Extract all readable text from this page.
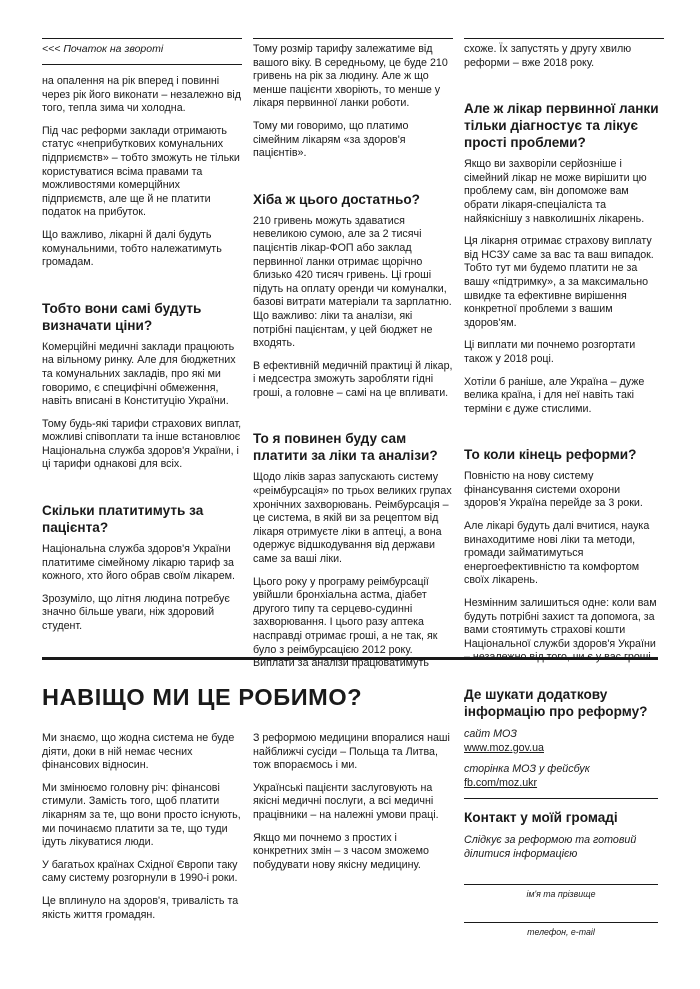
<<< Початок на звороті

на опалення на рік вперед і повинні через рік його виконати – незалежно від того, тепла зима чи холодна.

Під час реформи заклади отримають статус «неприбуткових комунальних підприємств» – тобто зможуть не тільки користуватися всіма правами та можливостями комерційних підприємств, але ще й не платити податок на прибуток.

Що важливо, лікарні й далі будуть комунальними, тобто належатимуть громадам.

Тобто вони самі будуть визначати ціни?

Комерційні медичні заклади працюють на вільному ринку. Але для бюджетних та комунальних закладів, про які ми говоримо, є специфічні обмеження, навіть вписані в Конституцію України.

Тому будь-які тарифи страхових виплат, можливі співоплати та інше встановлює Національна служба здоров'я України, і ці тарифи однакові для всіх.

Скільки платитимуть за пацієнта?

Національна служба здоров'я України платитиме сімейному лікарю тариф за кожного, хто його обрав своїм лікарем.

Зрозуміло, що літня людина потребує значно більше уваги, ніж здоровий студент.

Тому розмір тарифу залежатиме від вашого віку. В середньому, це буде 210 гривень на рік за людину. Але ж що менше пацієнти хворіють, то менше у лікаря первинної ланки роботи.

Тому ми говоримо, що платимо сімейним лікарям «за здоров'я пацієнтів».

Хіба ж цього достатньо?

210 гривень можуть здаватися невеликою сумою, але за 2 тисячі пацієнтів лікар-ФОП або заклад первинної ланки отримає щорічно близько 420 тисяч гривень. Ці гроші підуть на оплату оренди чи комуналки, базові витрати матеріали та зарплатню. Що важливо: ліки та аналізи, які потрібні пацієнтам, у цей бюджет не входять.

В ефективній медичній практиці й лікар, і медсестра зможуть заробляти гідні гроші, а головне – самі на це впливати.

То я повинен буду сам платити за ліки та аналізи?

Щодо ліків зараз запускають систему «реімбурсація» по трьох великих групах хронічних захворювань. Реімбурсація – це система, в якій ви за рецептом від лікаря отримуєте ліки в аптеці, а вона одержує відшкодування від держави саме за ваші ліки.

Цього року у програму реімбурсації увійшли бронхіальна астма, діабет другого типу та серцево-судинні захворювання. І цього разу аптека насправді отримає гроші, а не так, як було з реімбурсацією 2012 року. Виплати за аналізи працюватимуть

схоже. Їх запустять у другу хвилю реформи – вже 2018 року.

Але ж лікар первинної ланки тільки діагностує та лікує прості проблеми?

Якщо ви захворіли серйозніше і сімейний лікар не може вирішити цю проблему сам, він допоможе вам обрати лікаря-спеціаліста та найякіснішу з навколишніх лікарень.

Ця лікарня отримає страхову виплату від НСЗУ саме за вас та ваш випадок. Тобто тут ми будемо платити не за вашу «підтримку», а за максимально швидке та ефективне вирішення конкретної проблеми з вашим здоров'ям.

Ці виплати ми почнемо розгортати також у 2018 році.

Хотіли б раніше, але Україна – дуже велика країна, і для неї навіть такі терміни є дуже стислими.

То коли кінець реформи?

Повністю на нову систему фінансування системи охорони здоров'я Україна перейде за 3 роки.

Але лікарі будуть далі вчитися, наука винаходитиме нові ліки та методи, громади займатимуться енергоефективністю та комфортом своїх лікарень.

Незмінним залишиться одне: коли вам будуть потрібні захист та допомога, за вами стоятимуть страхові кошти Національної служби здоров'я України – незалежно від того, чи є у вас гроші.

НАВІЩО МИ ЦЕ РОБИМО?

Ми знаємо, що жодна система не буде діяти, доки в ній немає чесних фінансових відносин.

Ми змінюємо головну річ: фінансові стимули. Замість того, щоб платити лікарням за те, що вони просто існують, ми починаємо платити за те, що туди ідуть лікуватися люди.

У багатьох країнах Східної Європи таку саму систему розгорнули в 1990-і роки.

Це вплинуло на здоров'я, тривалість та якість життя громадян.

З реформою медицини впоралися наші найближчі сусіди – Польща та Литва, тож впораємось і ми.

Українські пацієнти заслуговують на якісні медичні послуги, а всі медичні працівники – на належні умови праці.

Якщо ми почнемо з простих і конкретних змін – з часом зможемо побудувати нову якісну медицину.

Де шукати додаткову інформацію про реформу?

сайт МОЗ

www.moz.gov.ua

сторінка МОЗ у фейсбук

fb.com/moz.ukr

Контакт у моїй громаді

Слідкує за реформою та готовий ділитися інформацією

ім'я та прізвище
телефон, e-mail
